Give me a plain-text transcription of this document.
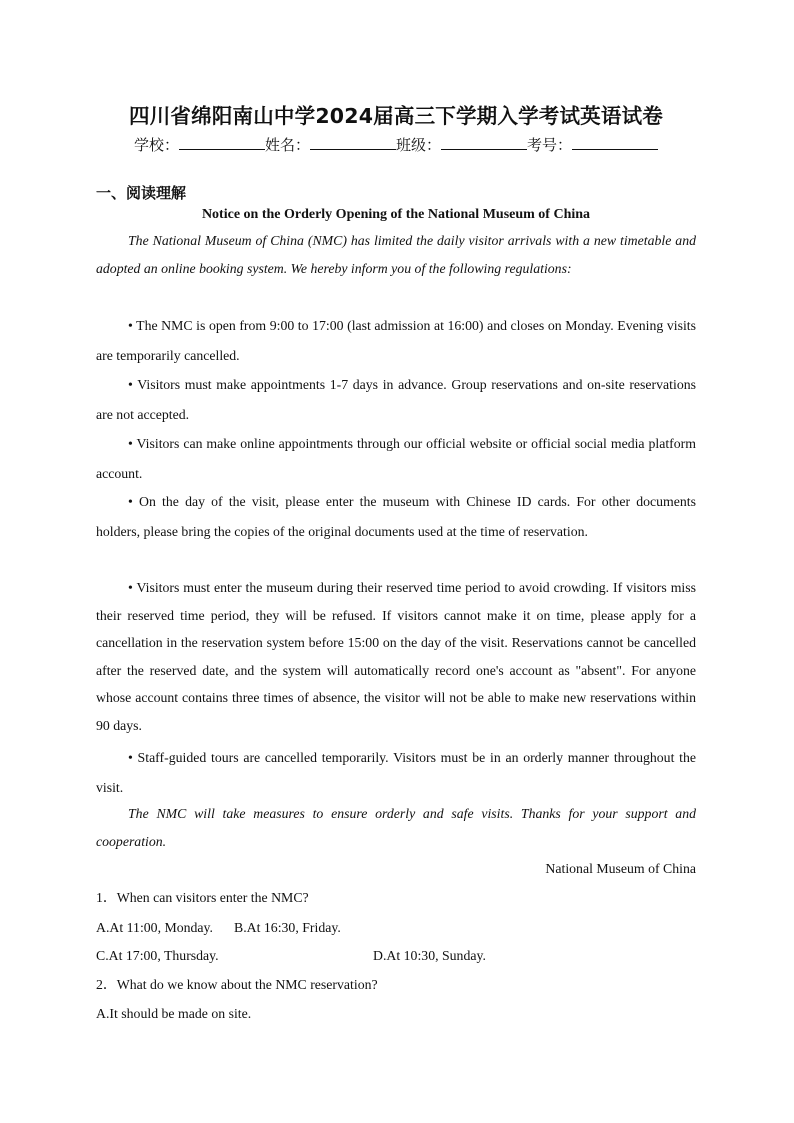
四川省绵阳南山中学2024届高三下学期入学考试英语试卷
学校：	姓名：	班级：	考号：
一、阅读理解
Notice on the Orderly Opening of the National Museum of China
The National Museum of China (NMC) has limited the daily visitor arrivals with a new timetable and adopted an online booking system. We hereby inform you of the following regulations:
• The NMC is open from 9:00 to 17:00 (last admission at 16:00) and closes on Monday. Evening visits are temporarily cancelled.
• Visitors must make appointments 1-7 days in advance. Group reservations and on-site reservations are not accepted.
• Visitors can make online appointments through our official website or official social media platform account.
• On the day of the visit, please enter the museum with Chinese ID cards. For other documents holders, please bring the copies of the original documents used at the time of reservation.
• Visitors must enter the museum during their reserved time period to avoid crowding. If visitors miss their reserved time period, they will be refused. If visitors cannot make it on time, please apply for a cancellation in the reservation system before 15:00 on the day of the visit. Reservations cannot be cancelled after the reserved date, and the system will automatically record one's account as "absent". For anyone whose account contains three times of absence, the visitor will not be able to make new reservations within 90 days.
• Staff-guided tours are cancelled temporarily. Visitors must be in an orderly manner throughout the visit.
The NMC will take measures to ensure orderly and safe visits. Thanks for your support and cooperation.
National Museum of China
1．When can visitors enter the NMC?
A.At 11:00, Monday. B.At 16:30, Friday.
C.At 17:00, Thursday.	D.At 10:30, Sunday.
2．What do we know about the NMC reservation?
A.It should be made on site.
